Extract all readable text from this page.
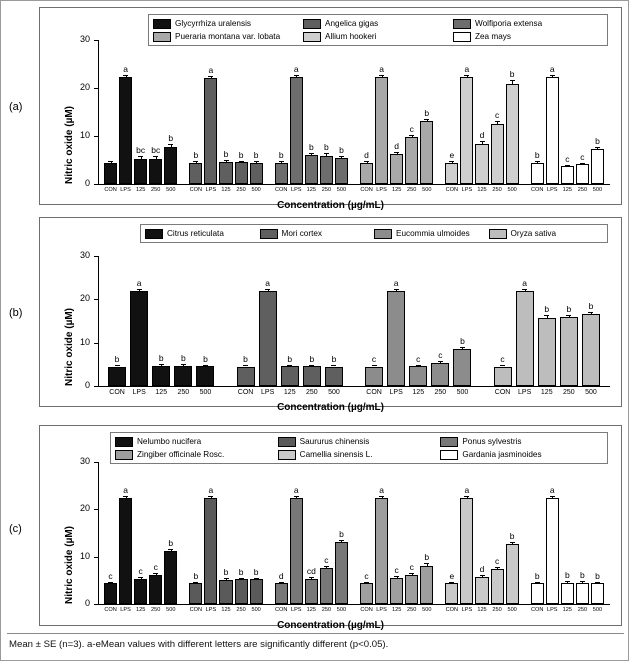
(a)
Glycyrrhiza uralensis	Angelica gigas	Wolfiporia extensa
Pueraria montana var. lobata	Allium hookeri	Zea mays
Nitric oxide (µM)	0
10
20
30
CON
a
LPS
bc
125
bc
250
b
500
b
CON
a
LPS
b
125
b
250
b
500
b
CON
a
LPS
b
125
b
250
b
500
d
CON
a
LPS
d
125
c
250
b
500
e
CON
a
LPS
d
125
c
250
b
500
b
CON
a
LPS
c
125
c
250
b
500
Concentration (µg/mL)
(b)
Citrus reticulata	Mori cortex	Eucommia ulmoides	Oryza sativa
Nitric oxide (µM)	0
10
20
30
b
CON
a
LPS
b
125
b
250
b
500
b
CON
a
LPS
b
125
b
250
b
500
c
CON
a
LPS
c
125
c
250
b
500
c
CON
a
LPS
b
125
b
250
b
500
Concentration (µg/mL)
(c)
Nelumbo nucifera	Saururus chinensis	Ponus sylvestris
Zingiber officinale Rosc.	Camellia sinensis L.	Gardania jasminoides
Nitric oxide (µM)	0
10
20
30
c
CON
a
LPS
c
125
c
250
b
500
b
CON
a
LPS
b
125
b
250
b
500
d
CON
a
LPS
cd
125
c
250
b
500
c
CON
a
LPS
c
125
c
250
b
500
e
CON
a
LPS
d
125
c
250
b
500
b
CON
a
LPS
b
125
b
250
b
500
Concentration (µg/mL)
Mean ± SE (n=3). a-eMean values with different letters are significantly different (p<0.05).
